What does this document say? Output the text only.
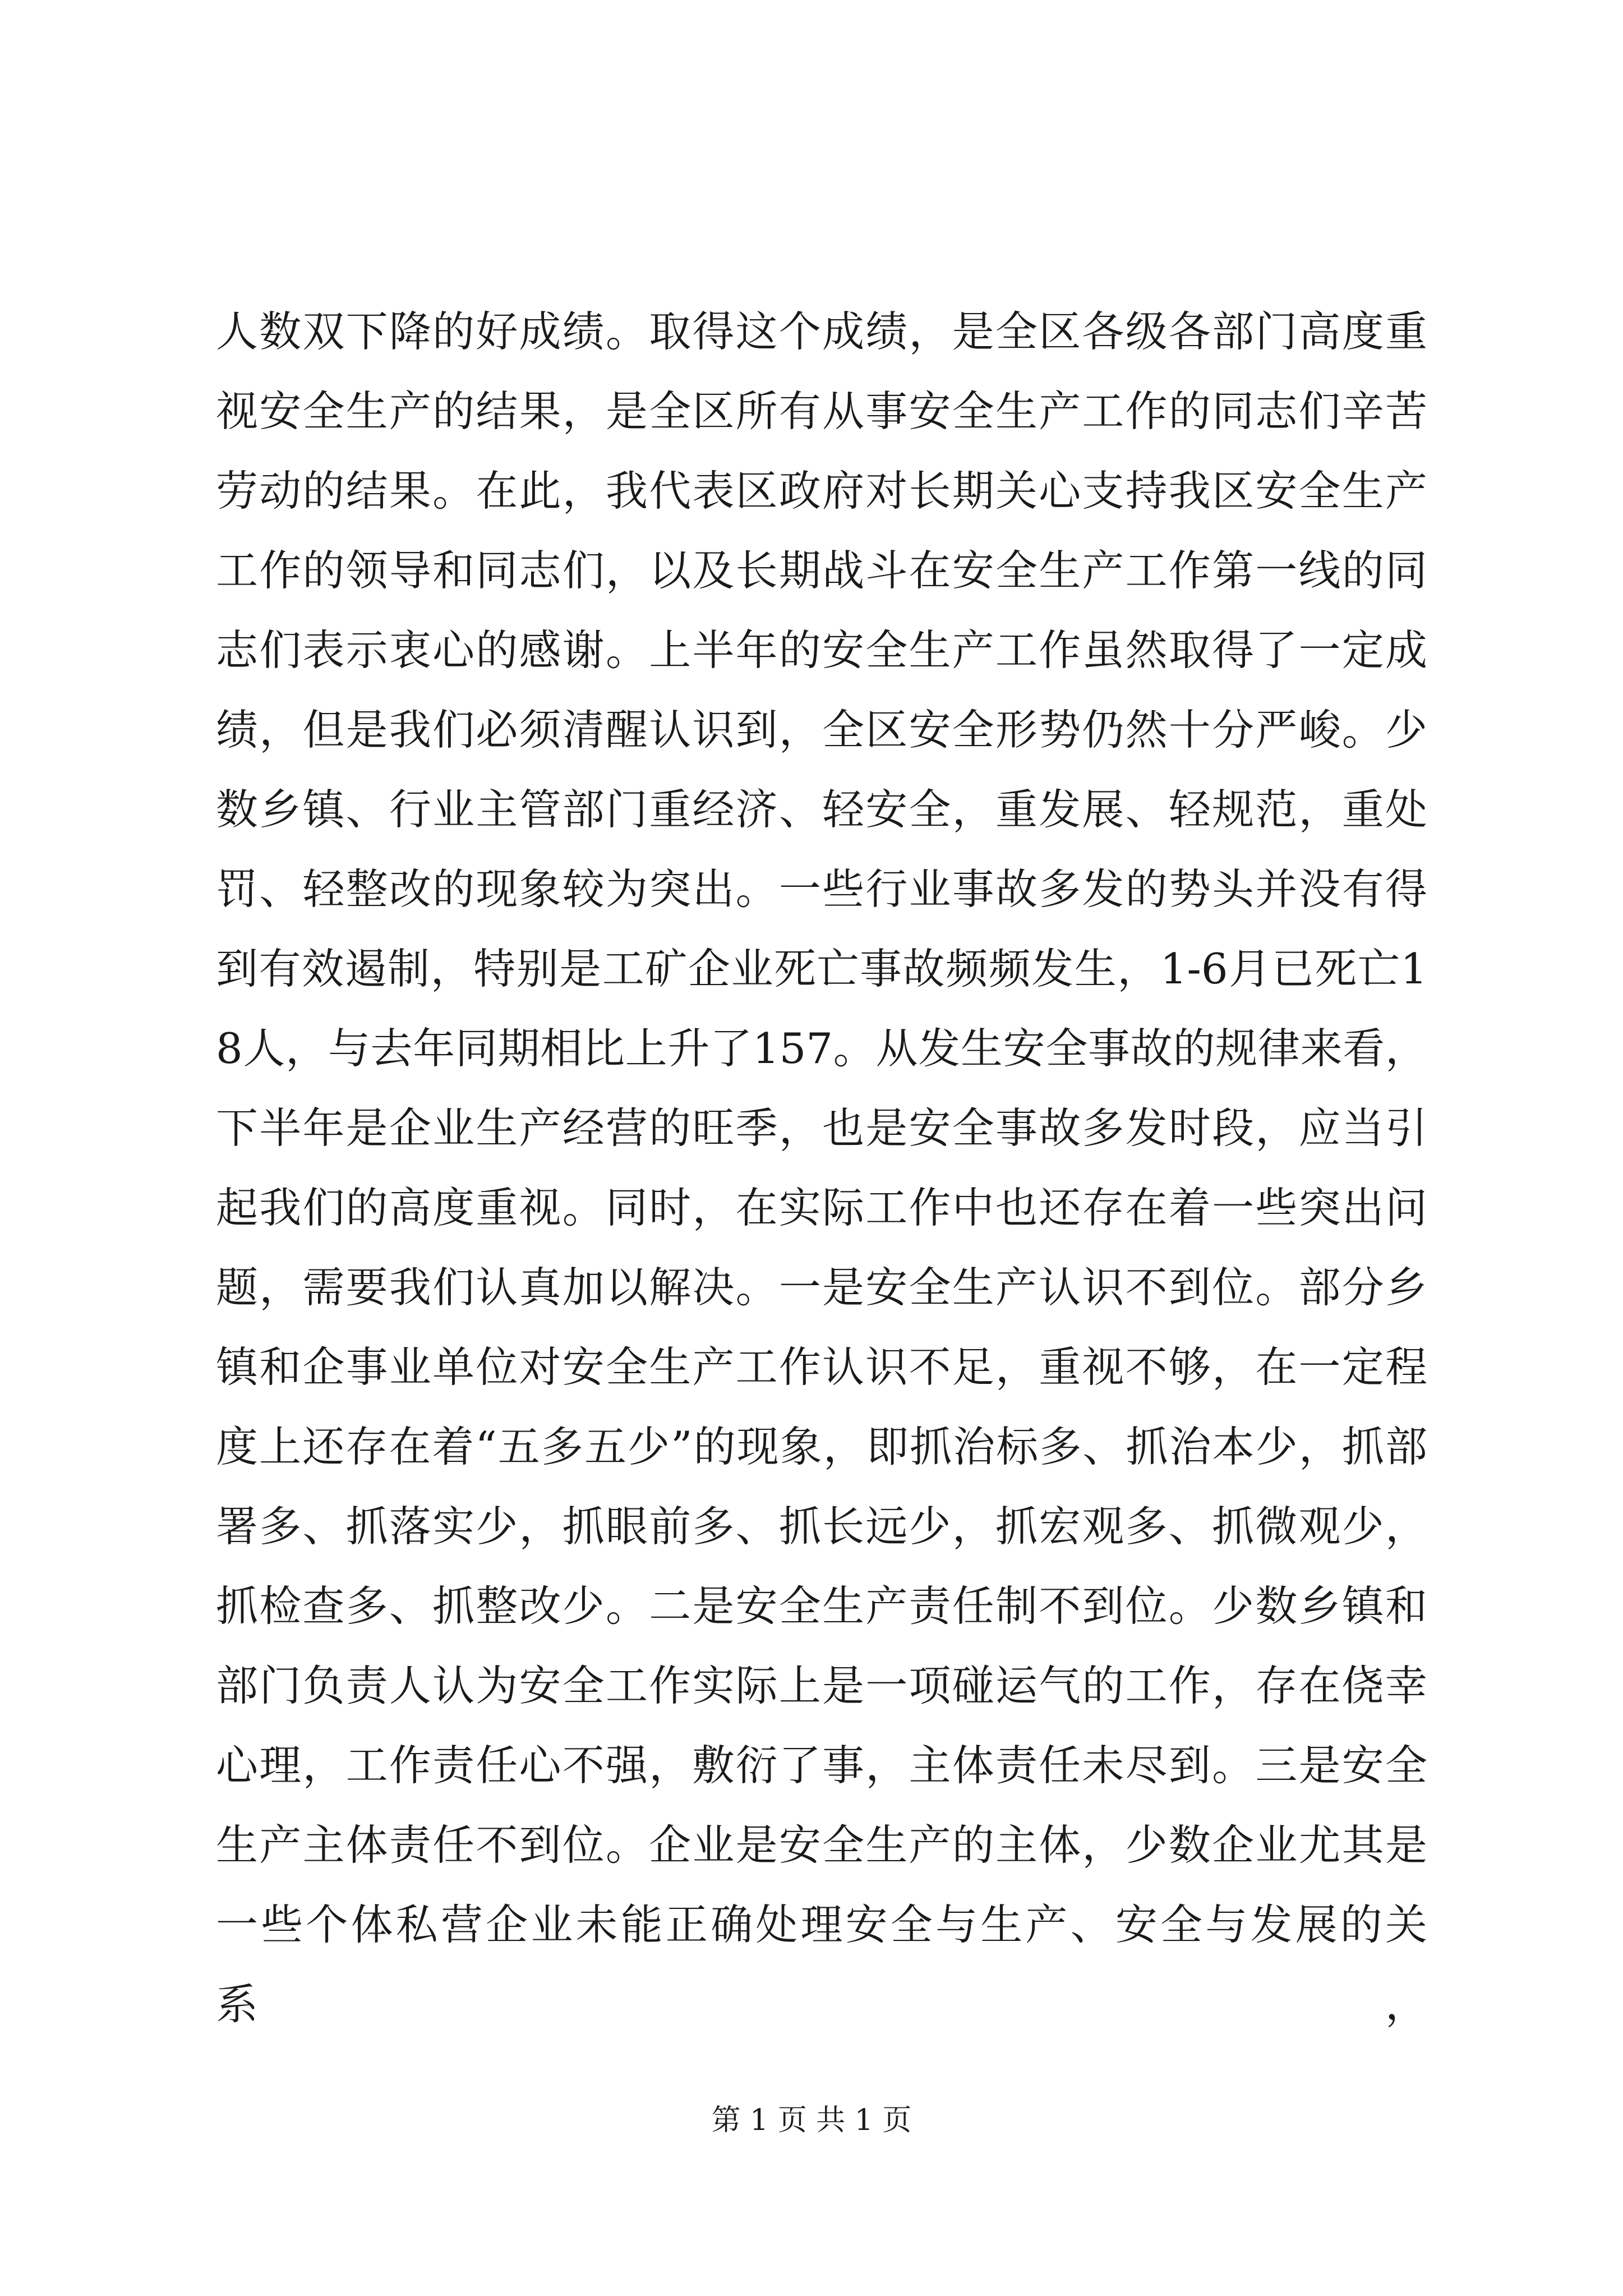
人数双下降的好成绩。取得这个成绩，是全区各级各部门高度重视安全生产的结果，是全区所有从事安全生产工作的同志们辛苦劳动的结果。在此，我代表区政府对长期关心支持我区安全生产工作的领导和同志们，以及长期战斗在安全生产工作第一线的同志们表示衷心的感谢。上半年的安全生产工作虽然取得了一定成绩，但是我们必须清醒认识到，全区安全形势仍然十分严峻。少数乡镇、行业主管部门重经济、轻安全，重发展、轻规范，重处罚、轻整改的现象较为突出。一些行业事故多发的势头并没有得到有效遏制，特别是工矿企业死亡事故频频发生，1-6月已死亡18人，与去年同期相比上升了157。从发生安全事故的规律来看，下半年是企业生产经营的旺季，也是安全事故多发时段，应当引起我们的高度重视。同时，在实际工作中也还存在着一些突出问题，需要我们认真加以解决。一是安全生产认识不到位。部分乡镇和企事业单位对安全生产工作认识不足，重视不够，在一定程度上还存在着“五多五少”的现象，即抓治标多、抓治本少，抓部署多、抓落实少，抓眼前多、抓长远少，抓宏观多、抓微观少，抓检查多、抓整改少。二是安全生产责任制不到位。少数乡镇和部门负责人认为安全工作实际上是一项碰运气的工作，存在侥幸心理，工作责任心不强，敷衍了事，主体责任未尽到。三是安全生产主体责任不到位。企业是安全生产的主体，少数企业尤其是一些个体私营企业未能正确处理安全与生产、安全与发展的关系，

第 1 页 共 1 页
